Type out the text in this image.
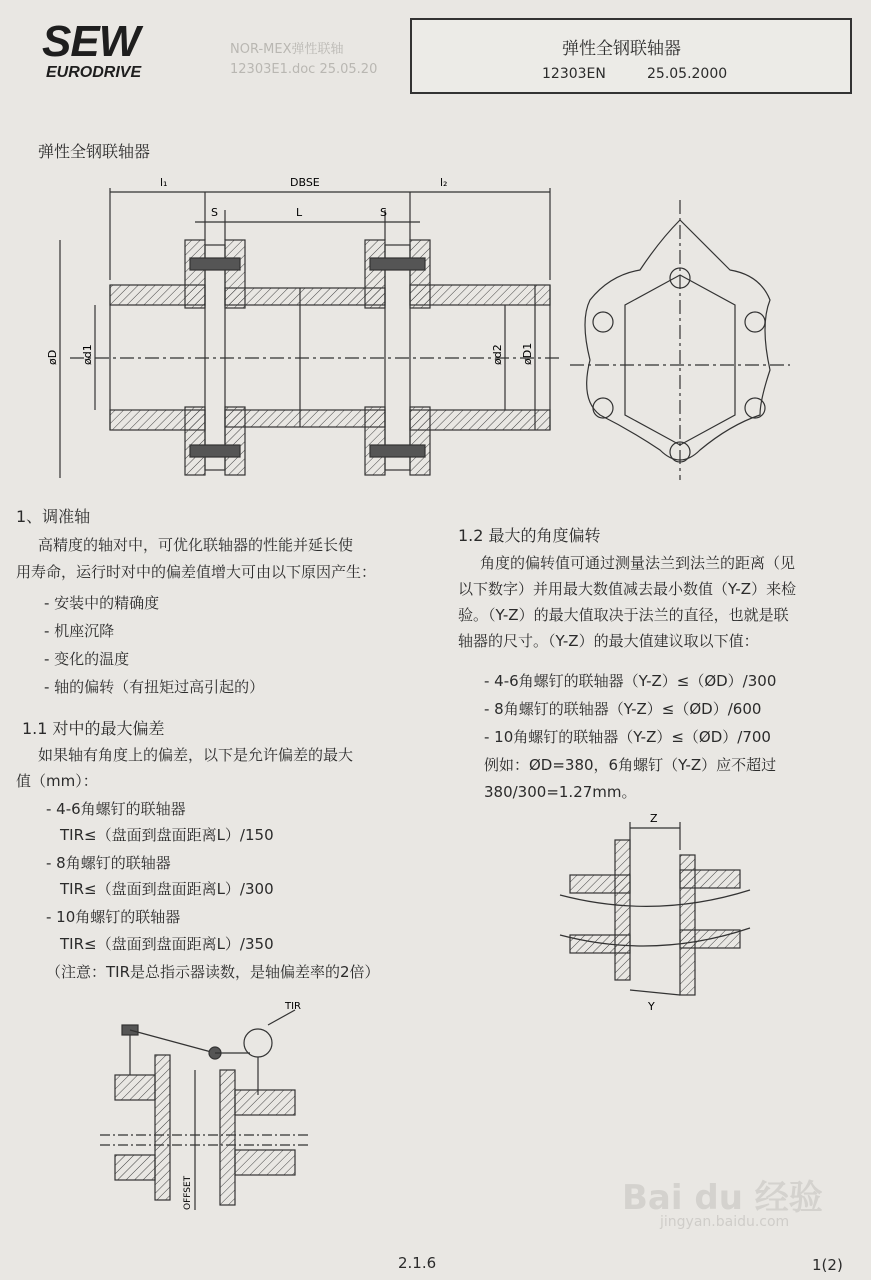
SEW
EURODRIVE
NOR-MEX弹性联轴
12303E1.doc 25.05.20
弹性全钢联轴器
12303EN	25.05.2000
弹性全钢联轴器
l₁	DBSE	l₂
S	L	S
øD ød1	ød2 øD1
1、调准轴
高精度的轴对中，可优化联轴器的性能并延长使
用寿命，运行时对中的偏差值增大可由以下原因产生：
- 安装中的精确度
- 机座沉降
- 变化的温度
- 轴的偏转（有扭矩过高引起的）
1.1 对中的最大偏差
如果轴有角度上的偏差，以下是允许偏差的最大
值（mm）：
- 4-6角螺钉的联轴器
TIR≤（盘面到盘面距离L）/150
- 8角螺钉的联轴器
TIR≤（盘面到盘面距离L）/300
- 10角螺钉的联轴器
TIR≤（盘面到盘面距离L）/350
（注意：TIR是总指示器读数，是轴偏差率的2倍）
1.2 最大的角度偏转
角度的偏转值可通过测量法兰到法兰的距离（见
以下数字）并用最大数值减去最小数值（Y-Z）来检
验。（Y-Z）的最大值取决于法兰的直径，也就是联
轴器的尺寸。（Y-Z）的最大值建议取以下值：
- 4-6角螺钉的联轴器（Y-Z）≤（ØD）/300
- 8角螺钉的联轴器（Y-Z）≤（ØD）/600
- 10角螺钉的联轴器（Y-Z）≤（ØD）/700
例如：ØD=380，6角螺钉（Y-Z）应不超过
380/300=1.27mm。
Z
Y
TIR
OFFSET	Bai du 经验
jingyan.baidu.com
2.1.6	1(2)
